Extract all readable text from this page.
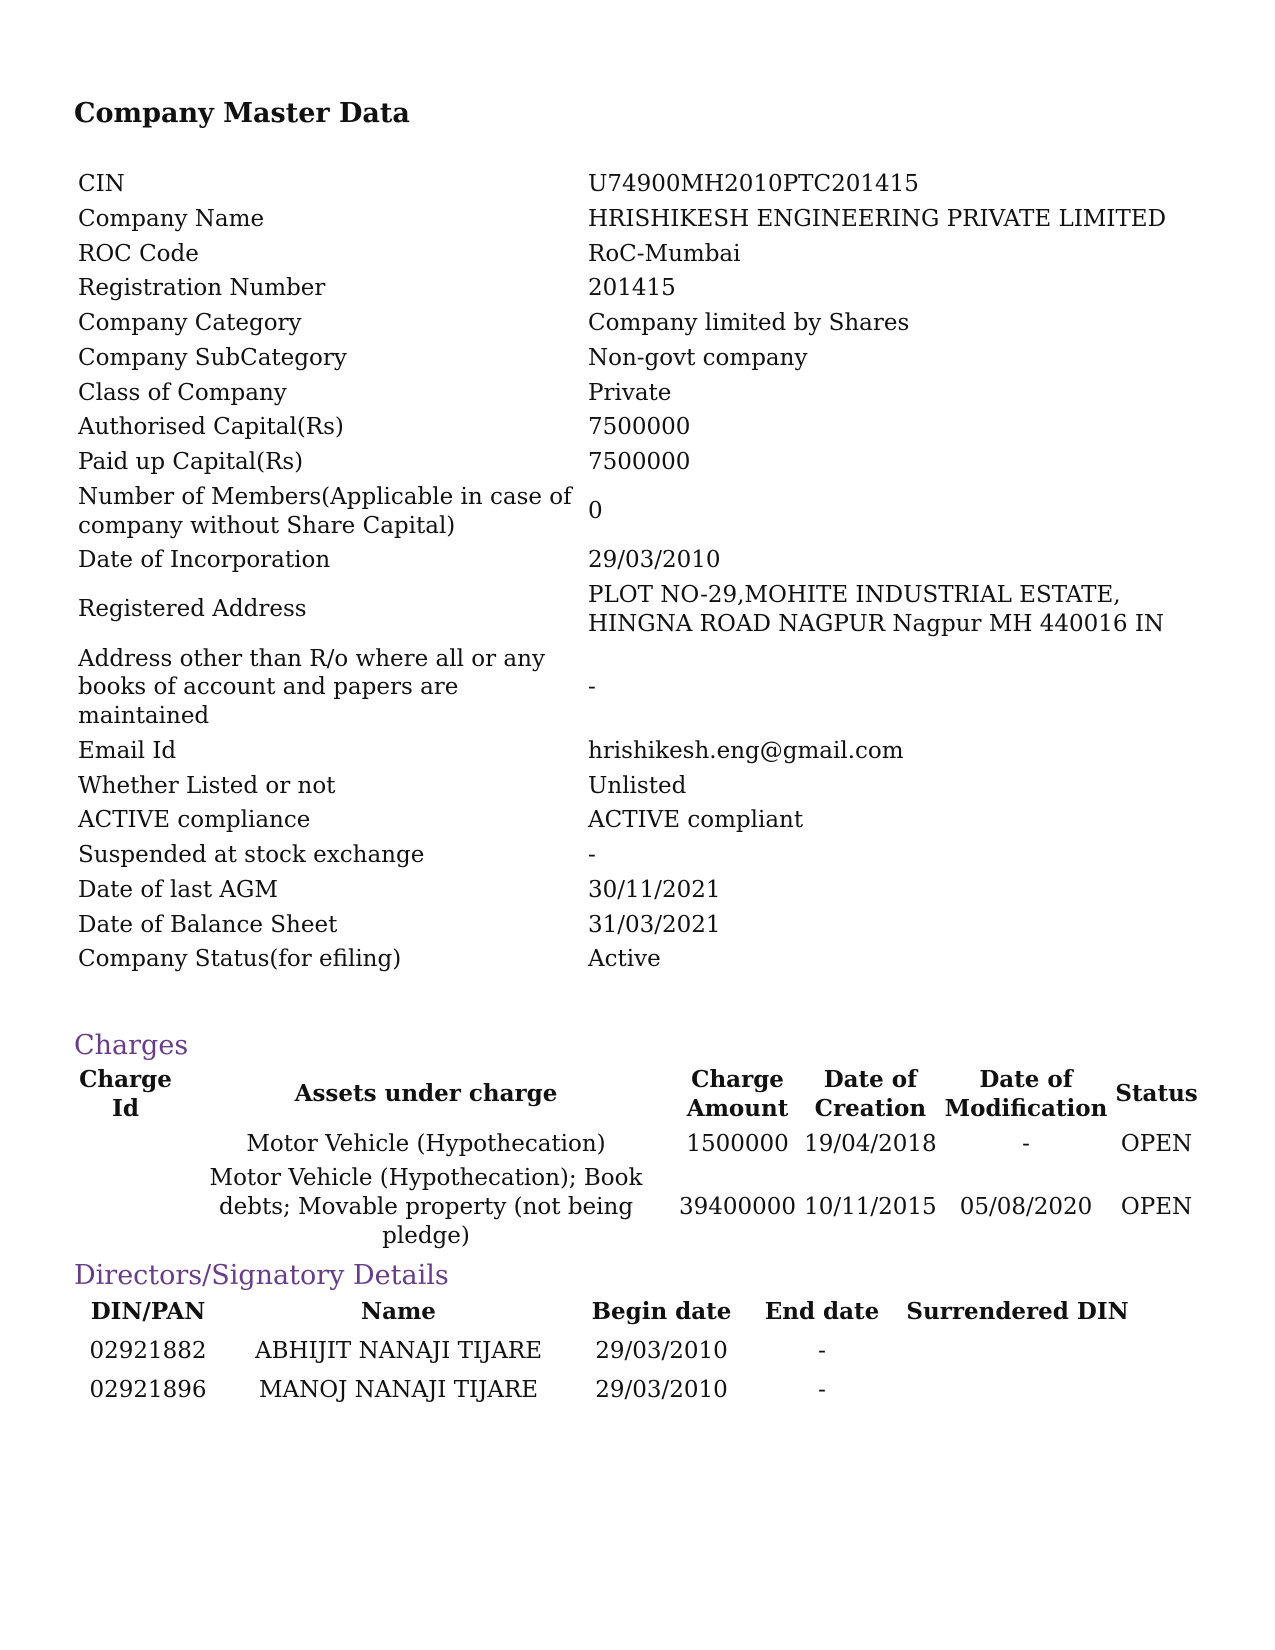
Company Master Data
CIN	U74900MH2010PTC201415
Company Name	HRISHIKESH ENGINEERING PRIVATE LIMITED
ROC Code	RoC-Mumbai
Registration Number	201415
Company Category	Company limited by Shares
Company SubCategory	Non-govt company
Class of Company	Private
Authorised Capital(Rs)	7500000
Paid up Capital(Rs)	7500000
Number of Members(Applicable in case of company without Share Capital)	0
Date of Incorporation	29/03/2010
Registered Address	PLOT NO-29,MOHITE INDUSTRIAL ESTATE, HINGNA ROAD NAGPUR Nagpur MH 440016 IN
Address other than R/o where all or any books of account and papers are maintained	-
Email Id	hrishikesh.eng@gmail.com
Whether Listed or not	Unlisted
ACTIVE compliance	ACTIVE compliant
Suspended at stock exchange	-
Date of last AGM	30/11/2021
Date of Balance Sheet	31/03/2021
Company Status(for efiling)	Active
Charges
Charge Id	Assets under charge	Charge Amount	Date of Creation	Date of Modification	Status
	Motor Vehicle (Hypothecation)	1500000	19/04/2018	-	OPEN
	Motor Vehicle (Hypothecation); Book debts; Movable property (not being pledge)	39400000	10/11/2015	05/08/2020	OPEN
Directors/Signatory Details
DIN/PAN	Name	Begin date	End date	Surrendered DIN
02921882	ABHIJIT NANAJI TIJARE	29/03/2010	-	
02921896	MANOJ NANAJI TIJARE	29/03/2010	-	
